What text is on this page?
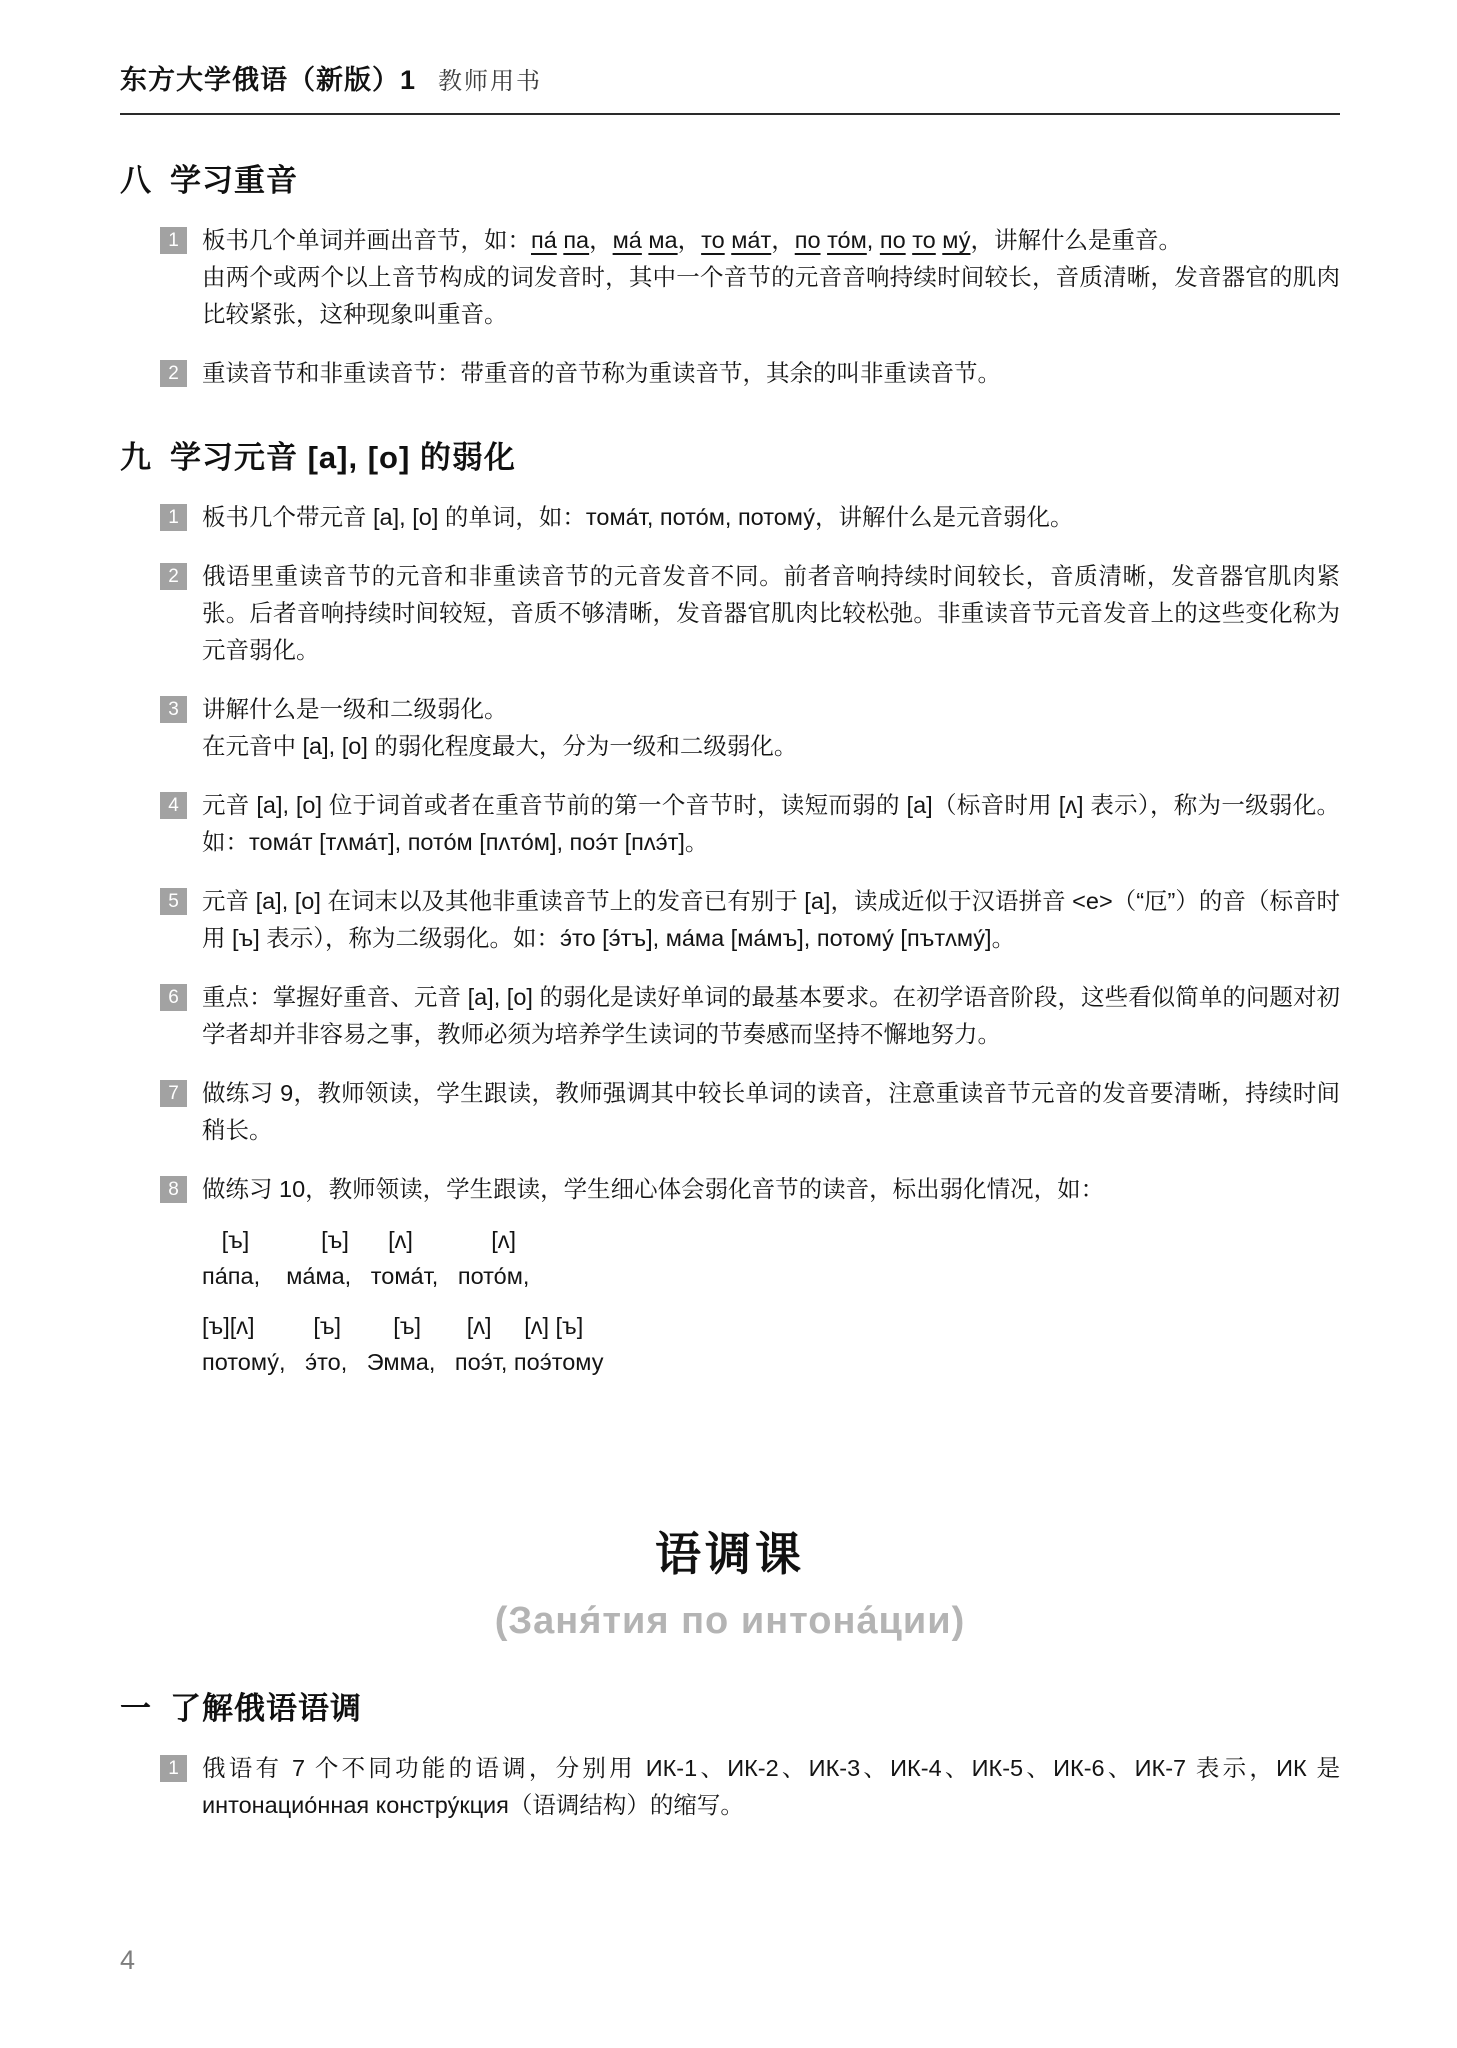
东方大学俄语（新版）1 教师用书
八 学习重音
1 板书几个单词并画出音节，如：па́ па，ма́ ма，то ма́т，по то́м, по то му́，讲解什么是重音。

由两个或两个以上音节构成的词发音时，其中一个音节的元音音响持续时间较长，音质清晰，发音器官的肌肉比较紧张，这种现象叫重音。

2 重读音节和非重读音节：带重音的音节称为重读音节，其余的叫非重读音节。

九 学习元音 [a], [o] 的弱化
1 板书几个带元音 [a], [o] 的单词，如：тома́т, пото́м, потому́，讲解什么是元音弱化。

2 俄语里重读音节的元音和非重读音节的元音发音不同。前者音响持续时间较长，音质清晰，发音器官肌肉紧张。后者音响持续时间较短，音质不够清晰，发音器官肌肉比较松弛。非重读音节元音发音上的这些变化称为元音弱化。

3 讲解什么是一级和二级弱化。

在元音中 [a], [o] 的弱化程度最大，分为一级和二级弱化。

4 元音 [a], [o] 位于词首或者在重音节前的第一个音节时，读短而弱的 [a]（标音时用 [ʌ] 表示），称为一级弱化。如：тома́т [тʌма́т], пото́м [пʌто́м], поэ́т [пʌэ́т]。

5 元音 [a], [o] 在词末以及其他非重读音节上的发音已有别于 [a]，读成近似于汉语拼音 <e>（“厄”）的音（标音时用 [ъ] 表示），称为二级弱化。如：э́то [э́тъ], ма́ма [ма́мъ], потому́ [пътʌму́]。

6 重点：掌握好重音、元音 [a], [o] 的弱化是读好单词的最基本要求。在初学语音阶段，这些看似简单的问题对初学者却并非容易之事，教师必须为培养学生读词的节奏感而坚持不懈地努力。

7 做练习 9，教师领读，学生跟读，教师强调其中较长单词的读音，注意重读音节元音的发音要清晰，持续时间稍长。

8 做练习 10，教师领读，学生跟读，学生细心体会弱化音节的读音，标出弱化情况，如：

[ъ]           [ъ]      [ʌ]            [ʌ]
па́па,    ма́ма,   тома́т,   пото́м,
[ъ][ʌ]         [ъ]        [ъ]       [ʌ]     [ʌ] [ъ]
потому́,   э́то,   Эмма,   поэ́т, поэ́тому
语调课
(Заня́тия по интона́ции)
一 了解俄语语调
1 俄语有 7 个不同功能的语调，分别用 ИК-1、ИК-2、ИК-3、ИК-4、ИК-5、ИК-6、ИК-7 表示，ИК 是 интонацио́нная констру́кция（语调结构）的缩写。

4
